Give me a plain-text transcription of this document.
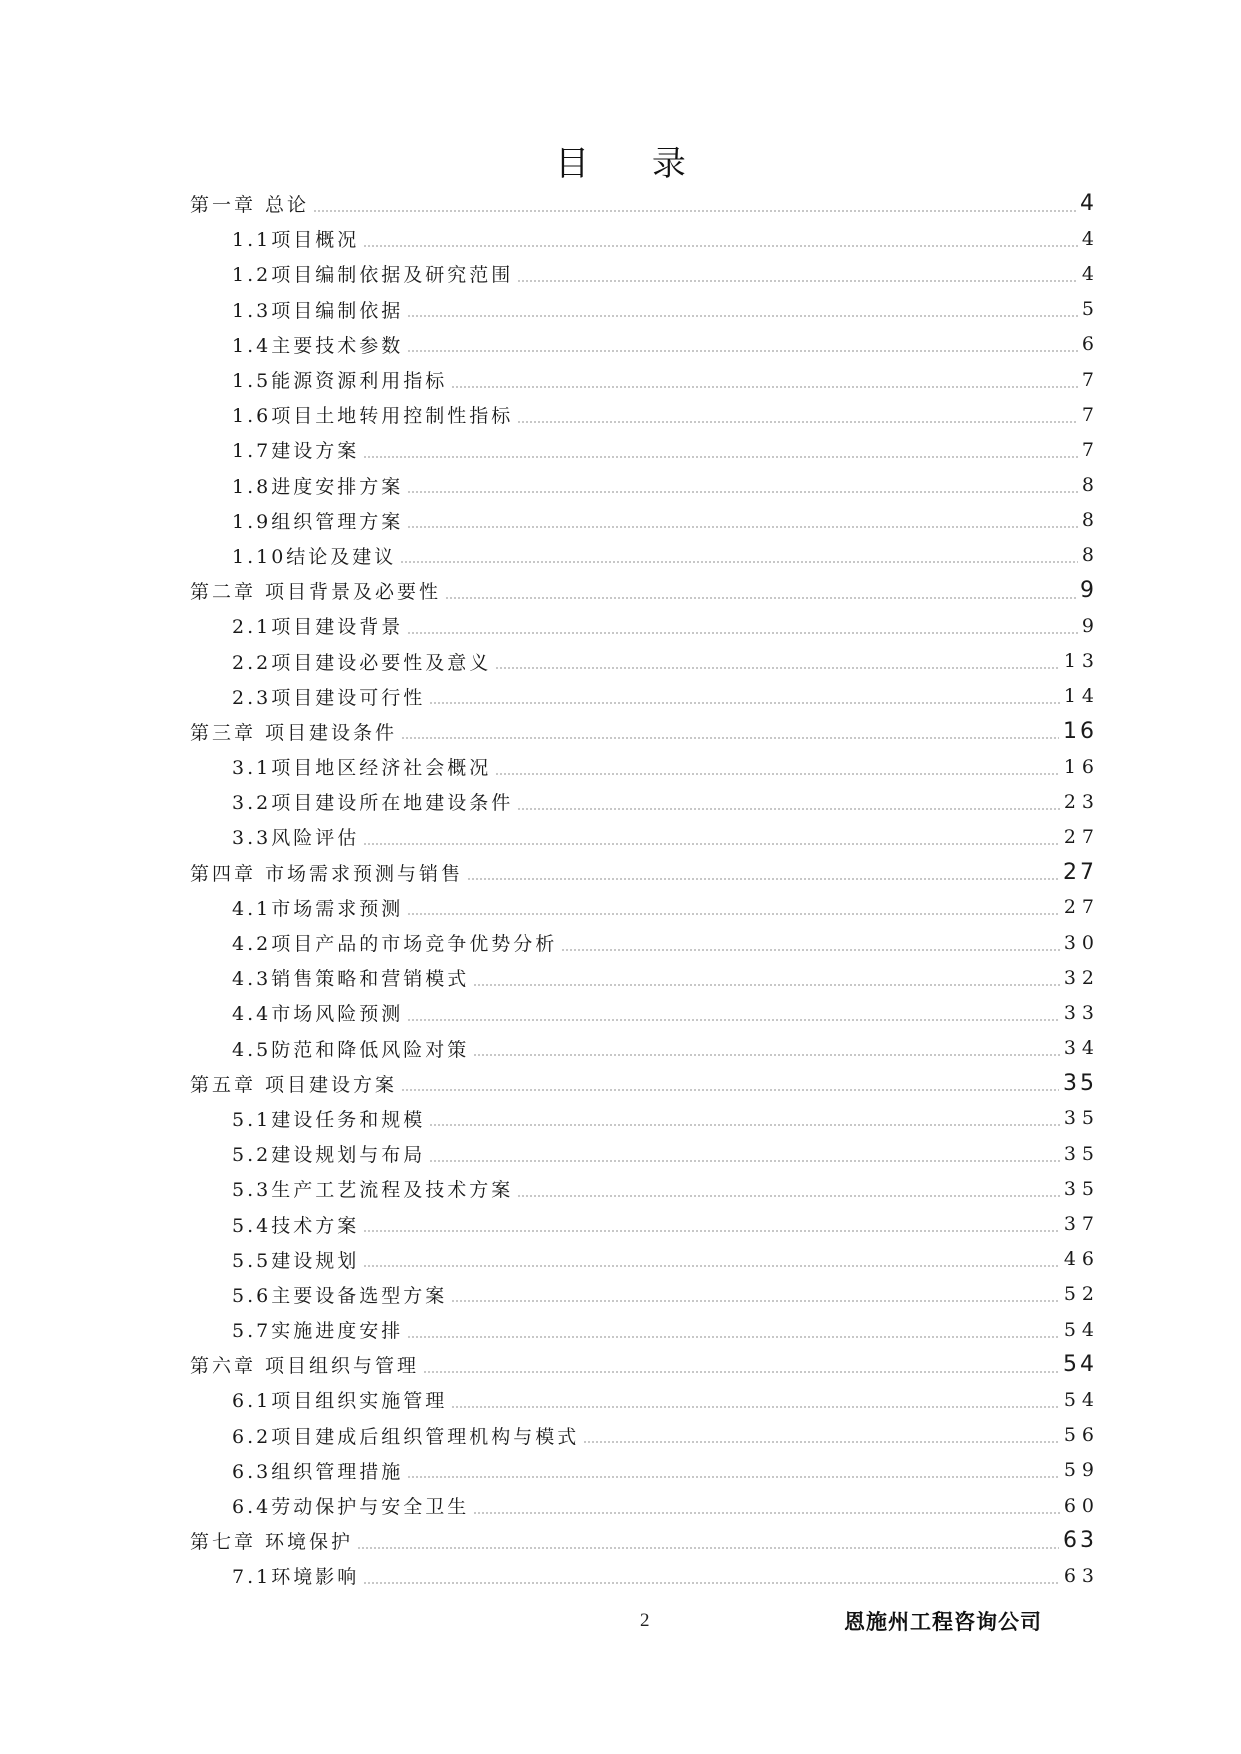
目 录
第一章 总论	4
1.1项目概况	4
1.2项目编制依据及研究范围	4
1.3项目编制依据	5
1.4主要技术参数	6
1.5能源资源利用指标	7
1.6项目土地转用控制性指标	7
1.7建设方案	7
1.8进度安排方案	8
1.9组织管理方案	8
1.10结论及建议	8
第二章 项目背景及必要性	9
2.1项目建设背景	9
2.2项目建设必要性及意义	13
2.3项目建设可行性	14
第三章 项目建设条件	16
3.1项目地区经济社会概况	16
3.2项目建设所在地建设条件	23
3.3风险评估	27
第四章 市场需求预测与销售	27
4.1市场需求预测	27
4.2项目产品的市场竞争优势分析	30
4.3销售策略和营销模式	32
4.4市场风险预测	33
4.5防范和降低风险对策	34
第五章 项目建设方案	35
5.1建设任务和规模	35
5.2建设规划与布局	35
5.3生产工艺流程及技术方案	35
5.4技术方案	37
5.5建设规划	46
5.6主要设备选型方案	52
5.7实施进度安排	54
第六章 项目组织与管理	54
6.1项目组织实施管理	54
6.2项目建成后组织管理机构与模式	56
6.3组织管理措施	59
6.4劳动保护与安全卫生	60
第七章 环境保护	63
7.1环境影响	63
2	恩施州工程咨询公司
